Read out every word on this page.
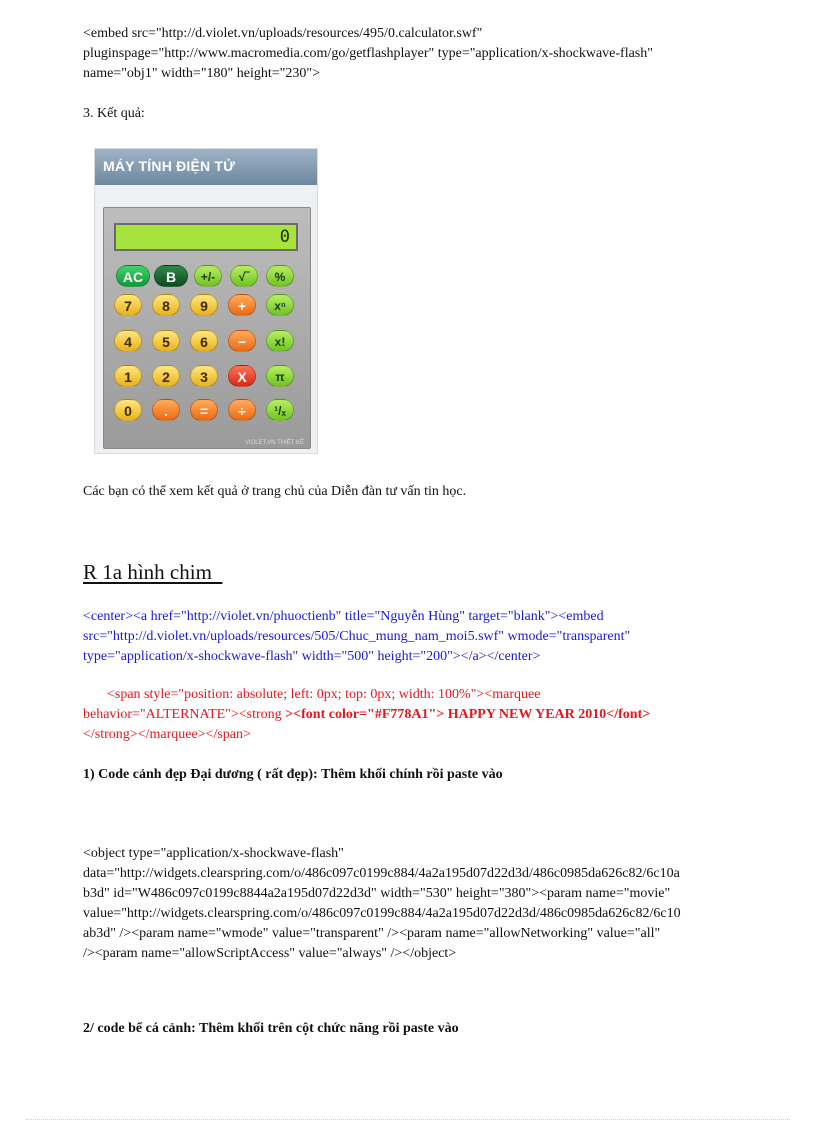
<embed src="http://d.violet.vn/uploads/resources/495/0.calculator.swf"
pluginspage="http://www.macromedia.com/go/getflashplayer" type="application/x-shockwave-flash"
name="obj1" width="180" height="230">
3. Kết quả:
MÁY TÍNH ĐIỆN TỬ
0
AC	B	+/-	√‾	%
7	8	9	+	xⁿ
4	5	6	−	x!
1	2	3	X	π
0	.	=	÷	¹/ₓ
VIOLET.VN THIẾT KẾ
Các bạn có thể xem kết quả ở trang chủ của Diễn đàn tư vấn tin học.
R 1a hình chim
<center><a href="http://violet.vn/phuoctienb" title="Nguyễn Hùng" target="blank"><embed
src="http://d.violet.vn/uploads/resources/505/Chuc_mung_nam_moi5.swf" wmode="transparent"
type="application/x-shockwave-flash" width="500" height="200"></a></center>
<span style="position: absolute; left: 0px; top: 0px; width: 100%"><marquee
behavior="ALTERNATE"><strong ><font color="#F778A1"> HAPPY NEW YEAR 2010</font>
</strong></marquee></span>
1) Code cảnh đẹp Đại dương ( rất đẹp): Thêm khối chính rồi paste vào
<object type="application/x-shockwave-flash"
data="http://widgets.clearspring.com/o/486c097c0199c884/4a2a195d07d22d3d/486c0985da626c82/6c10a
b3d" id="W486c097c0199c8844a2a195d07d22d3d" width="530" height="380"><param name="movie"
value="http://widgets.clearspring.com/o/486c097c0199c884/4a2a195d07d22d3d/486c0985da626c82/6c10
ab3d" /><param name="wmode" value="transparent" /><param name="allowNetworking" value="all"
/><param name="allowScriptAccess" value="always" /></object>
2/ code bể cá cảnh: Thêm khối trên cột chức năng rồi paste vào
